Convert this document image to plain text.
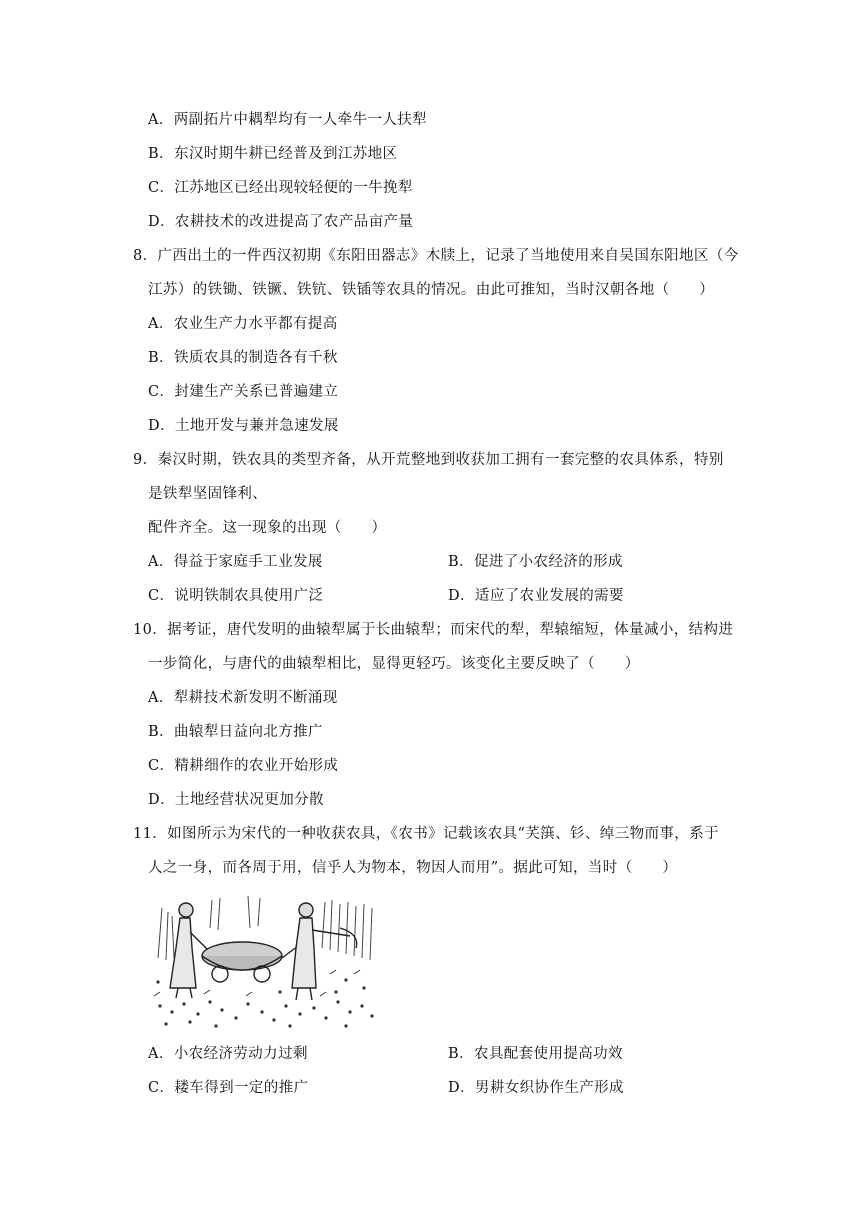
A．两副拓片中耦犁均有一人牵牛一人扶犁
B．东汉时期牛耕已经普及到江苏地区
C．江苏地区已经出现较轻便的一牛挽犁
D．农耕技术的改进提高了农产品亩产量
8．广西出土的一件西汉初期《东阳田器志》木牍上，记录了当地使用来自吴国东阳地区（今
江苏）的铁锄、铁镢、铁钪、铁锸等农具的情况。由此可推知，当时汉朝各地（　　）
A．农业生产力水平都有提高
B．铁质农具的制造各有千秋
C．封建生产关系已普遍建立
D．土地开发与兼并急速发展
9．秦汉时期，铁农具的类型齐备，从开荒整地到收获加工拥有一套完整的农具体系，特别
是铁犁坚固锋利、
配件齐全。这一现象的出现（　　）
A．得益于家庭手工业发展	B．促进了小农经济的形成
C．说明铁制农具使用广泛	D．适应了农业发展的需要
10．据考证，唐代发明的曲辕犁属于长曲辕犁；而宋代的犁，犁辕缩短，体量减小，结构进
一步简化，与唐代的曲辕犁相比，显得更轻巧。该变化主要反映了（　　）
A．犁耕技术新发明不断涌现
B．曲辕犁日益向北方推广
C．精耕细作的农业开始形成
D．土地经营状况更加分散
11．如图所示为宋代的一种收获农具，《农书》记载该农具“芺篊、钐、绰三物而事，系于
人之一身，而各周于用，信乎人为物本，物因人而用”。据此可知，当时（　　）
A．小农经济劳动力过剩	B．农具配套使用提高功效
C．耧车得到一定的推广	D．男耕女织协作生产形成
